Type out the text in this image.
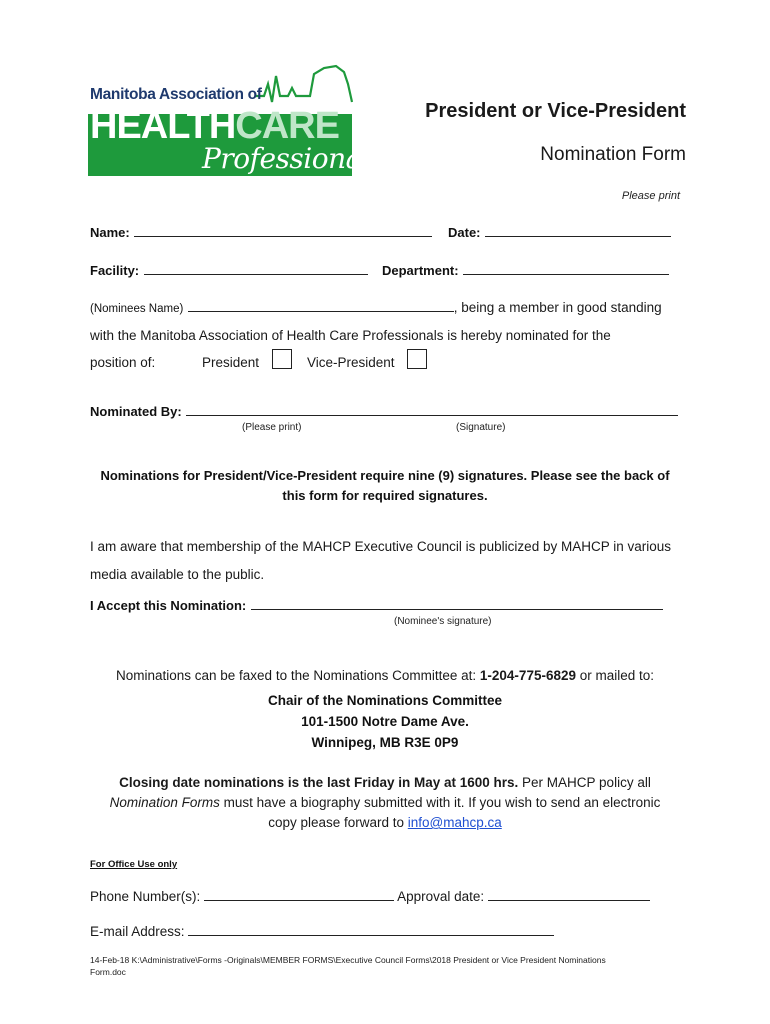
Manitoba Association of
HEALTHCARE
Professionals
President or Vice-President
Nomination Form
Please print
Name:	Date:
Facility:	Department:
(Nominees Name)	, being a member in good standing
with the Manitoba Association of Health Care Professionals is hereby nominated for the
position of:	President	Vice-President
Nominated By:
(Please print)	(Signature)
Nominations for President/Vice-President require nine (9) signatures. Please see the back of
this form for required signatures.
I am aware that membership of the MAHCP Executive Council is publicized by MAHCP in various
media available to the public.
I Accept this Nomination:
(Nominee's signature)
Nominations can be faxed to the Nominations Committee at: 1-204-775-6829 or mailed to:
Chair of the Nominations Committee
101-1500 Notre Dame Ave.
Winnipeg, MB R3E 0P9
Closing date nominations is the last Friday in May at 1600 hrs. Per MAHCP policy all
Nomination Forms must have a biography submitted with it. If you wish to send an electronic
copy please forward to info@mahcp.ca
For Office Use only
Phone Number(s):	Approval date:
E-mail Address:
14-Feb-18 K:\Administrative\Forms -Originals\MEMBER FORMS\Executive Council Forms\2018 President or Vice President Nominations
Form.doc
